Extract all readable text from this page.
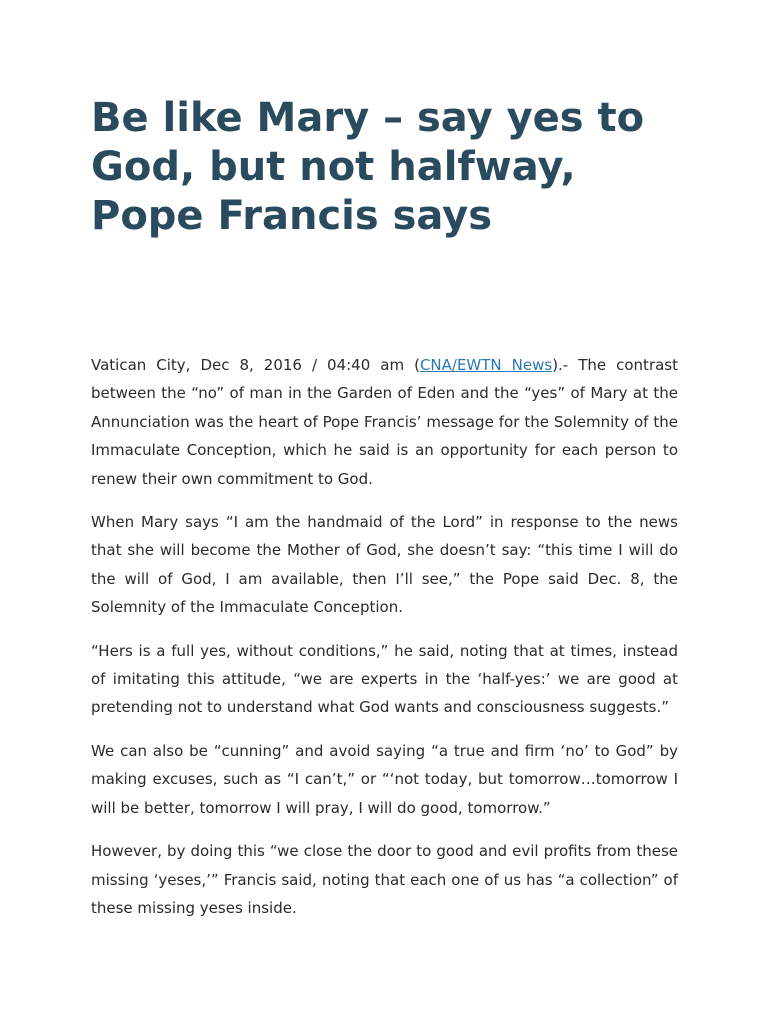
Be like Mary – say yes to God, but not halfway, Pope Francis says

Vatican City, Dec 8, 2016 / 04:40 am (CNA/EWTN News).- The contrast between the “no” of man in the Garden of Eden and the “yes” of Mary at the Annunciation was the heart of Pope Francis’ message for the Solemnity of the Immaculate Conception, which he said is an opportunity for each person to renew their own commitment to God.

When Mary says “I am the handmaid of the Lord” in response to the news that she will become the Mother of God, she doesn’t say: “this time I will do the will of God, I am available, then I’ll see,” the Pope said Dec. 8, the Solemnity of the Immaculate Conception.

“Hers is a full yes, without conditions,” he said, noting that at times, instead of imitating this attitude, “we are experts in the ‘half-yes:’ we are good at pretending not to understand what God wants and consciousness suggests.”

We can also be “cunning” and avoid saying “a true and firm ‘no’ to God” by making excuses, such as “I can’t,” or “‘not today, but tomorrow…tomorrow I will be better, tomorrow I will pray, I will do good, tomorrow.”

However, by doing this “we close the door to good and evil profits from these missing ‘yeses,’” Francis said, noting that each one of us has “a collection” of these missing yeses inside.
